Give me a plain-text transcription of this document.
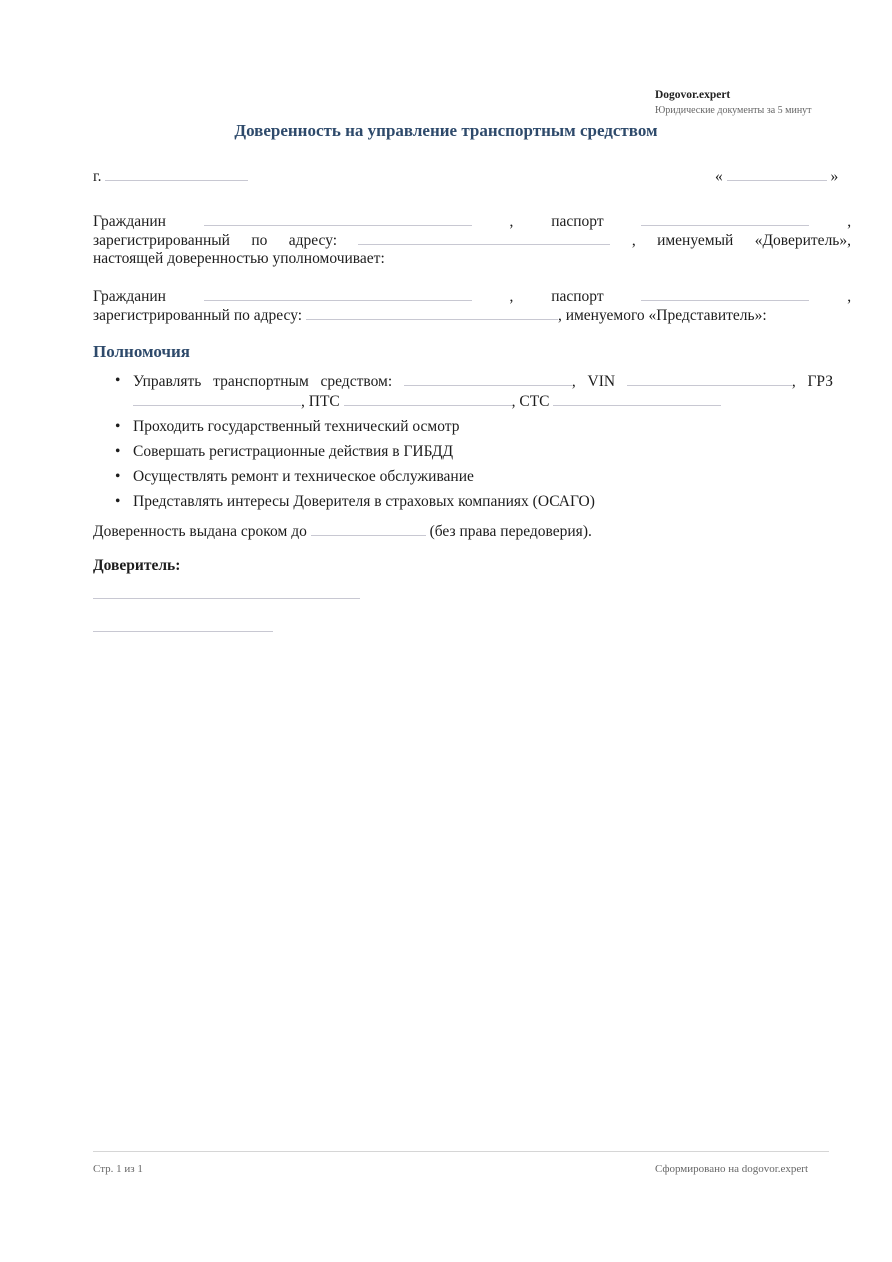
Dogovor.expert
Юридические документы за 5 минут
Доверенность на управление транспортным средством
г.	«	»
Гражданин	, паспорт	,
зарегистрированный по адресу:	, именуемый «Доверитель»,
настоящей доверенностью уполномочивает:
Гражданин	, паспорт	,
зарегистрированный по адресу:	, именуемого «Представитель»:
Полномочия
• Управлять транспортным средством:	, VIN	, ГРЗ
, ПТС	, СТС
• Проходить государственный технический осмотр
• Совершать регистрационные действия в ГИБДД
• Осуществлять ремонт и техническое обслуживание
• Представлять интересы Доверителя в страховых компаниях (ОСАГО)
Доверенность выдана сроком до	(без права передоверия).
Доверитель:
Стр. 1 из 1	Сформировано на dogovor.expert
